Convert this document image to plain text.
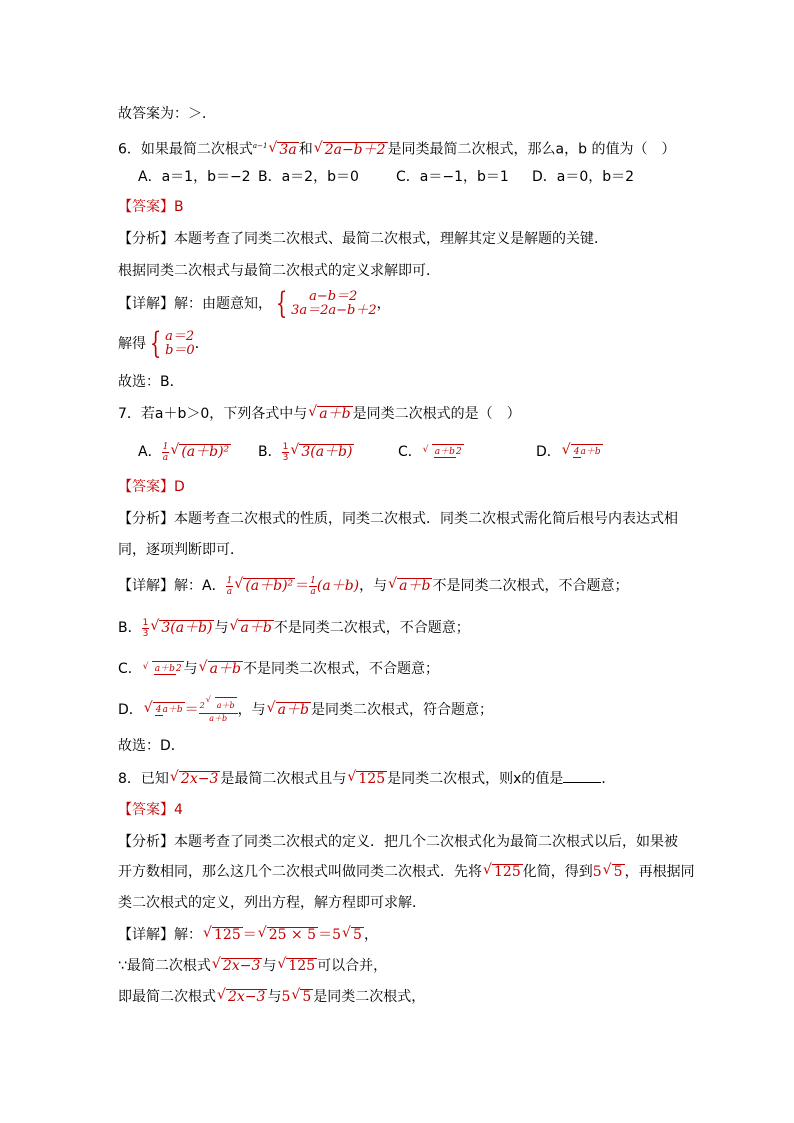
故答案为：＞．
6．如果最简二次根式$^{a-1}$ √ 3a 和 √ 2a−b＋2 是同类最简二次根式，那么a，b 的值为（　）
A．a＝1，b＝−2 B．a＝2，b＝0	C．a＝−1，b＝1 D．a＝0，b＝2
【答案】B
【分析】本题考查了同类二次根式、最简二次根式，理解其定义是解题的关键．
根据同类二次根式与最简二次根式的定义求解即可．
【详解】解：由题意知， {	a−b＝2
3a＝2a−b＋2 ，
解得 { a＝2
b＝0 ．
故选：B．
7．若a＋b＞0，下列各式中与 √ a＋b 是同类二次根式的是（　）
A． $\frac{1}{a}$ √ (a＋b)² B． $\frac{1}{3}$ √ 3(a＋b)	C．	√ a＋b2	D．	√ 4a＋b
【答案】D
【分析】本题考查二次根式的性质，同类二次根式．同类二次根式需化简后根号内表达式相
同，逐项判断即可．
【详解】解：A． $\frac{1}{a}$ √ $(a+b)^2 = \frac{1}{a} (a+b)$ ，与 √ a＋b 不是同类二次根式，不合题意；
B． $\frac{1}{3}$ √ 3(a＋b) 与 √ a＋b 不是同类二次根式，不合题意；
C．	√ a＋b2 与 √ a＋b 不是同类二次根式，不合题意；
D．	√ $4a+b = \frac{2 √ a+b}{a+b}$ ，与 √ a＋b 是同类二次根式，符合题意；
故选：D．
8．已知 √ 2x−3 是最简二次根式且与 √ 125 是同类二次根式，则x的值是	．
【答案】4
【分析】本题考查了同类二次根式的定义．把几个二次根式化为最简二次根式以后，如果被
开方数相同，那么这几个二次根式叫做同类二次根式．先将 √ 125 化简，得到5 √ 5 ，再根据同
类二次根式的定义，列出方程，解方程即可求解．
【详解】解： √ 125 ＝ √ 25 × 5 ＝5 √ 5 ，
∵最简二次根式 √ 2x−3 与 √ 125 可以合并，
即最简二次根式 √ 2x−3 与5 √ 5 是同类二次根式，
